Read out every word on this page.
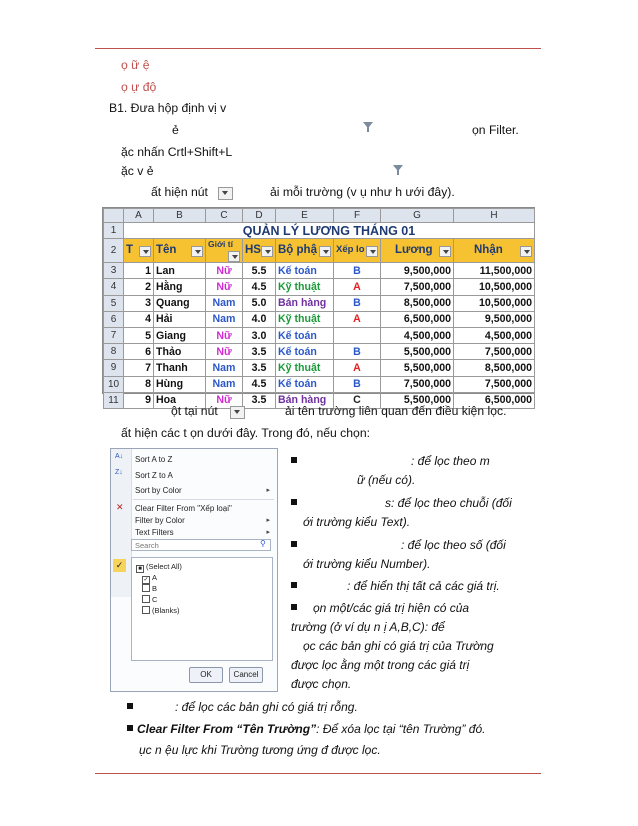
ọ ữ ệ
ọ ự độ
B1. Đưa hộp định vị v
ẻ	ọn Filter.
ặc nhấn Crtl+Shift+L
ặc v ẻ
ất hiện nút	ải mỗi trường (v ụ như h ưới đây).
	A	B	C	D	E	F	G	H
1	QUẢN LÝ LƯƠNG THÁNG 01							
2	T	Tên	Giới tí	HS	Bộ phậ	Xếp lo	Lương	Nhận

3	1	Lan	Nữ	5.5	Kế toán	B	9,500,000	11,500,000
4	2	Hằng	Nữ	4.5	Kỹ thuật	A	7,500,000	10,500,000
5	3	Quang	Nam	5.0	Bán hàng	B	8,500,000	10,500,000
6	4	Hải	Nam	4.0	Kỹ thuật	A	6,500,000	9,500,000
7	5	Giang	Nữ	3.0	Kế toán		4,500,000	4,500,000
8	6	Thảo	Nữ	3.5	Kế toán	B	5,500,000	7,500,000
9	7	Thanh	Nam	3.5	Kỹ thuật	A	5,500,000	8,500,000
10	8	Hùng	Nam	4.5	Kế toán	B	7,500,000	7,500,000
11	9	Hoa	Nữ	3.5	Bán hàng	C	5,500,000	6,500,000
ột tại nút	ải tên trường liên quan đến điều kiện lọc.
ất hiện các t ọn dưới đây. Trong đó, nếu chọn:
A↓ Sort A to Z
Z↓ Sort Z to A
Sort by Color	▸
✕ Clear Filter From "Xếp loại"
Filter by Color	▸
Text Filters	▸
Search	⚲
✓	■ (Select All)
✓ A
B
C
(Blanks)
OK	Cancel
: để lọc theo m
ữ (nếu có).
s: để lọc theo chuỗi (đối
ới trường kiểu Text).
: để lọc theo số (đối
ới trường kiểu Number).
: để hiển thị tất cả các giá trị.
ọn một/các giá trị hiện có của
trường (ở ví dụ n ị A,B,C): để
ọc các bản ghi có giá trị của Trường
được lọc ằng một trong các giá trị
được chọn.
: để lọc các bản ghi có giá trị rỗng.
Clear Filter From “Tên Trường”: Để xóa lọc tại “tên Trường” đó.
ục n ệu lực khi Trường tương ứng đ được lọc.
